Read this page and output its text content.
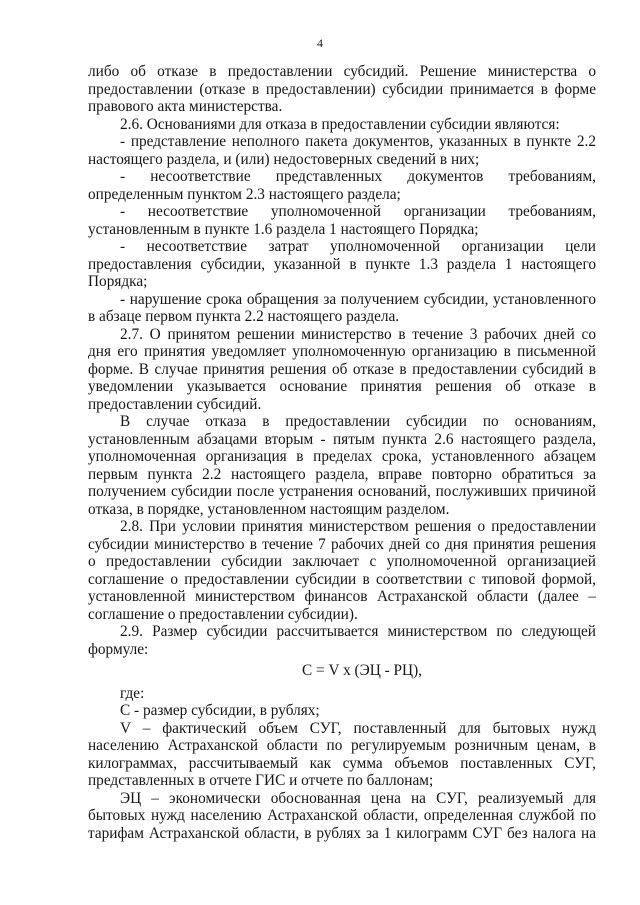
4
либо об отказе в предоставлении субсидий. Решение министерства о
предоставлении (отказе в предоставлении) субсидии принимается в форме
правового акта министерства.
2.6. Основаниями для отказа в предоставлении субсидии являются:
- представление неполного пакета документов, указанных в пункте 2.2
настоящего раздела, и (или) недостоверных сведений в них;
- несоответствие представленных документов требованиям,
определенным пунктом 2.3 настоящего раздела;
- несоответствие уполномоченной организации требованиям,
установленным в пункте 1.6 раздела 1 настоящего Порядка;
- несоответствие затрат уполномоченной организации цели
предоставления субсидии, указанной в пункте 1.3 раздела 1 настоящего
Порядка;
- нарушение срока обращения за получением субсидии, установленного
в абзаце первом пункта 2.2 настоящего раздела.
2.7. О принятом решении министерство в течение 3 рабочих дней со
дня его принятия уведомляет уполномоченную организацию в письменной
форме. В случае принятия решения об отказе в предоставлении субсидий в
уведомлении указывается основание принятия решения об отказе в
предоставлении субсидий.
В случае отказа в предоставлении субсидии по основаниям,
установленным абзацами вторым - пятым пункта 2.6 настоящего раздела,
уполномоченная организация в пределах срока, установленного абзацем
первым пункта 2.2 настоящего раздела, вправе повторно обратиться за
получением субсидии после устранения оснований, послуживших причиной
отказа, в порядке, установленном настоящим разделом.
2.8. При условии принятия министерством решения о предоставлении
субсидии министерство в течение 7 рабочих дней со дня принятия решения
о предоставлении субсидии заключает с уполномоченной организацией
соглашение о предоставлении субсидии в соответствии с типовой формой,
установленной министерством финансов Астраханской области (далее –
соглашение о предоставлении субсидии).
2.9. Размер субсидии рассчитывается министерством по следующей
формуле:
С = V х (ЭЦ - РЦ),
где:
С - размер субсидии, в рублях;
V – фактический объем СУГ, поставленный для бытовых нужд
населению Астраханской области по регулируемым розничным ценам, в
килограммах, рассчитываемый как сумма объемов поставленных СУГ,
представленных в отчете ГИС и отчете по баллонам;
ЭЦ – экономически обоснованная цена на СУГ, реализуемый для
бытовых нужд населению Астраханской области, определенная службой по
тарифам Астраханской области, в рублях за 1 килограмм СУГ без налога на
